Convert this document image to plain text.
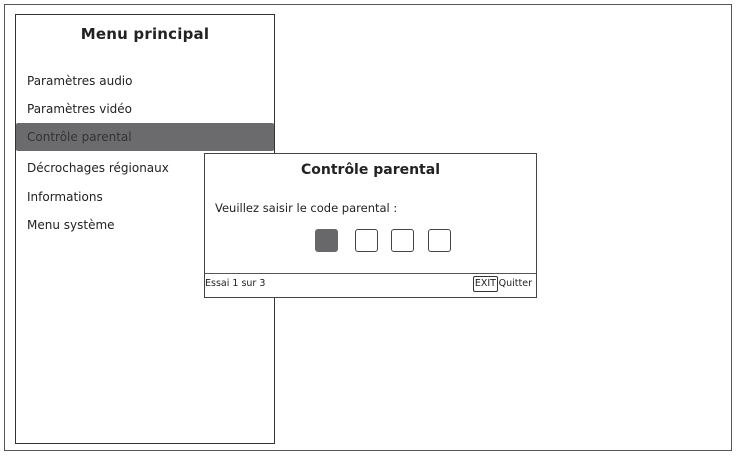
Menu principal
Paramètres audio
Paramètres vidéo
Contrôle parental
Décrochages régionaux
Informations
Menu système
Contrôle parental
Veuillez saisir le code parental :
Essai 1 sur 3	EXIT Quitter
